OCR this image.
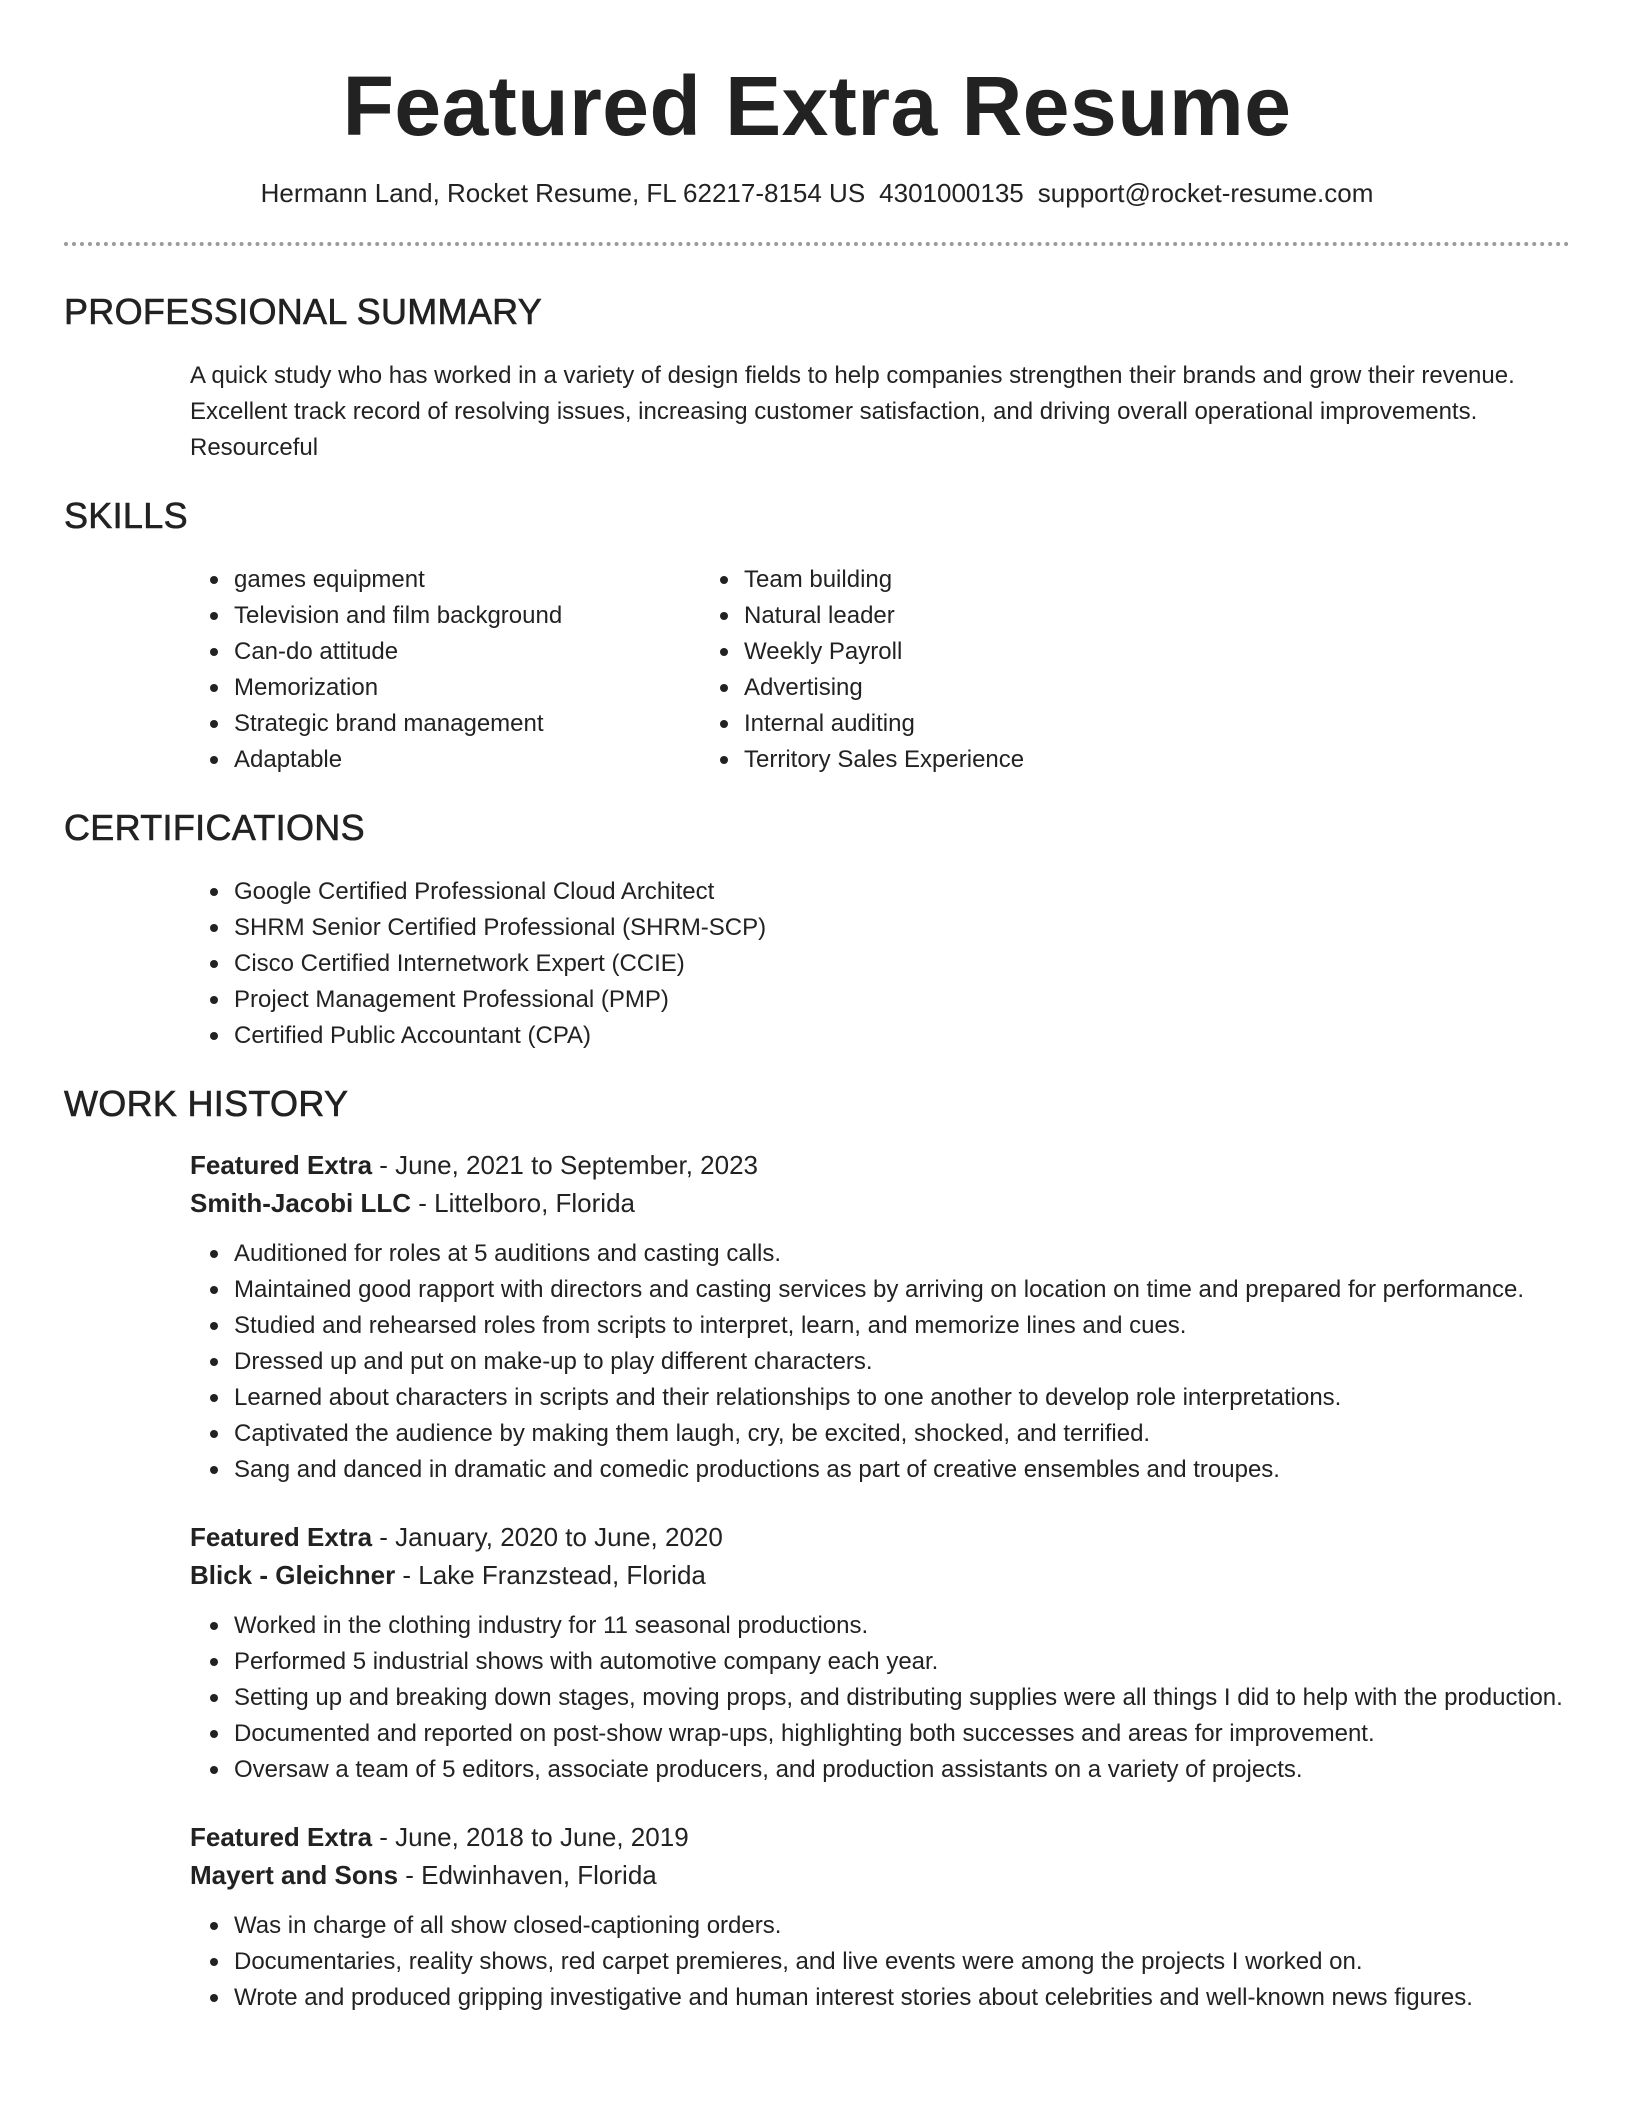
Featured Extra Resume
Hermann Land, Rocket Resume, FL 62217-8154 US 4301000135 support@rocket-resume.com
PROFESSIONAL SUMMARY
A quick study who has worked in a variety of design fields to help companies strengthen their brands and grow their revenue. Excellent track record of resolving issues, increasing customer satisfaction, and driving overall operational improvements. Resourceful
SKILLS
games equipment
Television and film background
Can-do attitude
Memorization
Strategic brand management
Adaptable
Team building
Natural leader
Weekly Payroll
Advertising
Internal auditing
Territory Sales Experience
CERTIFICATIONS
Google Certified Professional Cloud Architect
SHRM Senior Certified Professional (SHRM-SCP)
Cisco Certified Internetwork Expert (CCIE)
Project Management Professional (PMP)
Certified Public Accountant (CPA)
WORK HISTORY
Featured Extra - June, 2021 to September, 2023
Smith-Jacobi LLC - Littelboro, Florida
Auditioned for roles at 5 auditions and casting calls.
Maintained good rapport with directors and casting services by arriving on location on time and prepared for performance.
Studied and rehearsed roles from scripts to interpret, learn, and memorize lines and cues.
Dressed up and put on make-up to play different characters.
Learned about characters in scripts and their relationships to one another to develop role interpretations.
Captivated the audience by making them laugh, cry, be excited, shocked, and terrified.
Sang and danced in dramatic and comedic productions as part of creative ensembles and troupes.
Featured Extra - January, 2020 to June, 2020
Blick - Gleichner - Lake Franzstead, Florida
Worked in the clothing industry for 11 seasonal productions.
Performed 5 industrial shows with automotive company each year.
Setting up and breaking down stages, moving props, and distributing supplies were all things I did to help with the production.
Documented and reported on post-show wrap-ups, highlighting both successes and areas for improvement.
Oversaw a team of 5 editors, associate producers, and production assistants on a variety of projects.
Featured Extra - June, 2018 to June, 2019
Mayert and Sons - Edwinhaven, Florida
Was in charge of all show closed-captioning orders.
Documentaries, reality shows, red carpet premieres, and live events were among the projects I worked on.
Wrote and produced gripping investigative and human interest stories about celebrities and well-known news figures.
